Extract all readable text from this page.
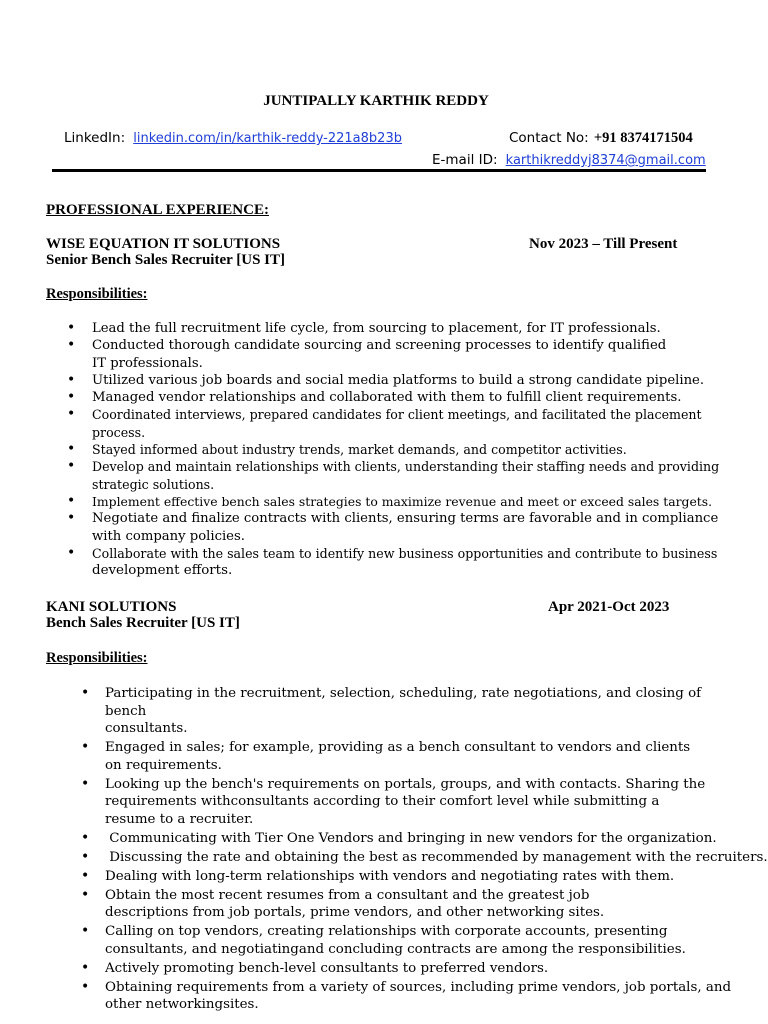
JUNTIPALLY KARTHIK REDDY
LinkedIn: linkedin.com/in/karthik-reddy-221a8b23b	Contact No: +91 8374171504
E-mail ID: karthikreddyj8374@gmail.com
PROFESSIONAL EXPERIENCE:
WISE EQUATION IT SOLUTIONS	Nov 2023 – Till Present
Senior Bench Sales Recruiter [US IT]
Responsibilities:
• Lead the full recruitment life cycle, from sourcing to placement, for IT professionals.
• Conducted thorough candidate sourcing and screening processes to identify qualified
IT professionals.
• Utilized various job boards and social media platforms to build a strong candidate pipeline.
• Managed vendor relationships and collaborated with them to fulfill client requirements.
• Coordinated interviews, prepared candidates for client meetings, and facilitated the placement
process.
• Stayed informed about industry trends, market demands, and competitor activities.
• Develop and maintain relationships with clients, understanding their staffing needs and providing
strategic solutions.
• Implement effective bench sales strategies to maximize revenue and meet or exceed sales targets.
• Negotiate and finalize contracts with clients, ensuring terms are favorable and in compliance
with company policies.
• Collaborate with the sales team to identify new business opportunities and contribute to business
development efforts.
KANI SOLUTIONS	Apr 2021-Oct 2023
Bench Sales Recruiter [US IT]
Responsibilities:
• Participating in the recruitment, selection, scheduling, rate negotiations, and closing of bench
consultants.
• Engaged in sales; for example, providing as a bench consultant to vendors and clients
on requirements.
• Looking up the bench's requirements on portals, groups, and with contacts. Sharing the
requirements withconsultants according to their comfort level while submitting a
resume to a recruiter.
•  Communicating with Tier One Vendors and bringing in new vendors for the organization.
•  Discussing the rate and obtaining the best as recommended by management with the recruiters.
• Dealing with long-term relationships with vendors and negotiating rates with them.
• Obtain the most recent resumes from a consultant and the greatest job
descriptions from job portals, prime vendors, and other networking sites.
• Calling on top vendors, creating relationships with corporate accounts, presenting
consultants, and negotiatingand concluding contracts are among the responsibilities.
• Actively promoting bench-level consultants to preferred vendors.
• Obtaining requirements from a variety of sources, including prime vendors, job portals, and
other networkingsites.
